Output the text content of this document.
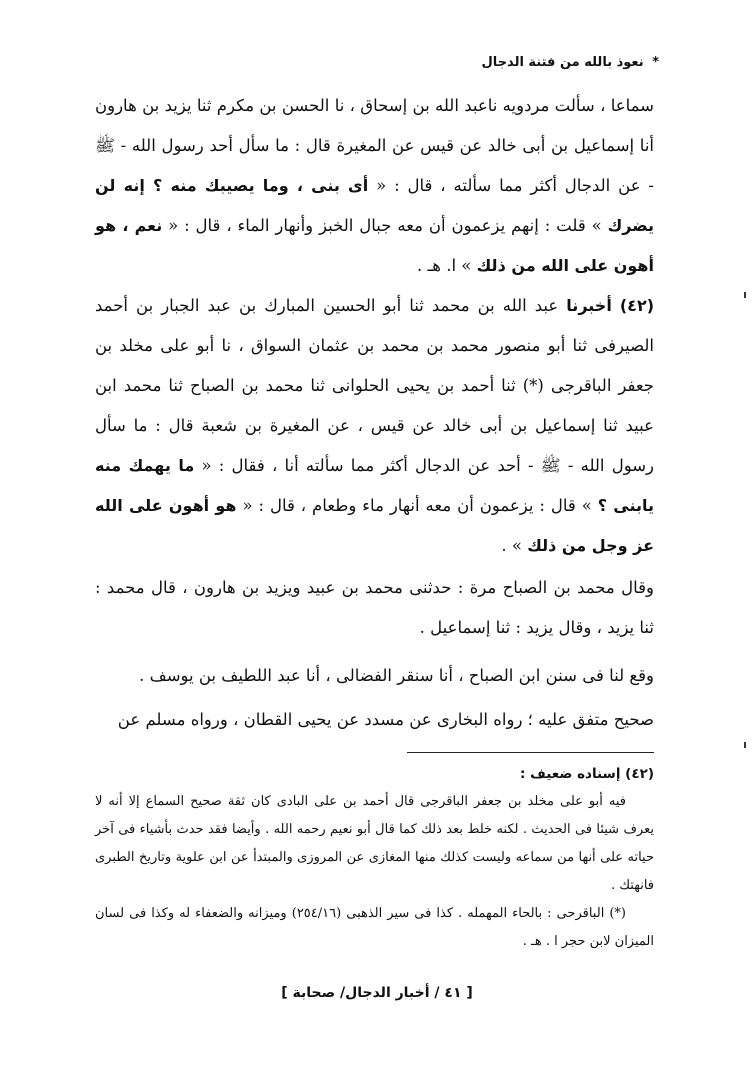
* نعوذ بالله من فتنة الدجال

سماعا ، سألت مردويه ناعبد الله بن إسحاق ، نا الحسن بن مكرم ثنا يزيد بن هارون أنا إسماعيل بن أبى خالد عن قيس عن المغيرة قال : ما سأل أحد رسول الله - ﷺ - عن الدجال أكثر مما سألته ، قال : « أى بنى ، وما يصيبك منه ؟ إنه لن يضرك » قلت : إنهم يزعمون أن معه جبال الخبز وأنهار الماء ، قال : « نعم ، هو أهون على الله من ذلك » ا. هـ .

(٤٢) أخبرنا عبد الله بن محمد ثنا أبو الحسين المبارك بن عبد الجبار بن أحمد الصيرفى ثنا أبو منصور محمد بن محمد بن عثمان السواق ، نا أبو على مخلد بن جعفر الباقرجى (*) ثنا أحمد بن يحيى الحلوانى ثنا محمد بن الصباح ثنا محمد ابن عبيد ثنا إسماعيل بن أبى خالد عن قيس ، عن المغيرة بن شعبة قال : ما سأل رسول الله - ﷺ - أحد عن الدجال أكثر مما سألته أنا ، فقال : « ما يهمك منه يابنى ؟ » قال : يزعمون أن معه أنهار ماء وطعام ، قال : « هو أهون على الله عز وجل من ذلك » .

وقال محمد بن الصباح مرة : حدثنى محمد بن عبيد ويزيد بن هارون ، قال محمد : ثنا يزيد ، وقال يزيد : ثنا إسماعيل .

وقع لنا فى سنن ابن الصباح ، أنا سنقر الفضالى ، أنا عبد اللطيف بن يوسف .

صحيح متفق عليه ؛ رواه البخارى عن مسدد عن يحيى القطان ، ورواه مسلم عن

(٤٢) إسناده ضعيف :

فيه أبو على مخلد بن جعفر الباقرجى قال أحمد بن على البادى كان ثقة صحيح السماع إلا أنه لا يعرف شيئا فى الحديث . لكنه خلط بعد ذلك كما قال أبو نعيم رحمه الله . وأيضا فقد حدث بأشياء فى آخر حياته على أنها من سماعه وليست كذلك منها المغازى عن المروزى والمبتدأ عن ابن علوية وتاريخ الطبرى فانهتك .

(*) الباقرحى : بالحاء المهمله . كذا فى سير الذهبى (٢٥٤/١٦) وميزانه والضعفاء له وكذا فى لسان الميزان لابن حجر ا . هـ .

[ ٤١ / أخبار الدجال/ صحابة ]
